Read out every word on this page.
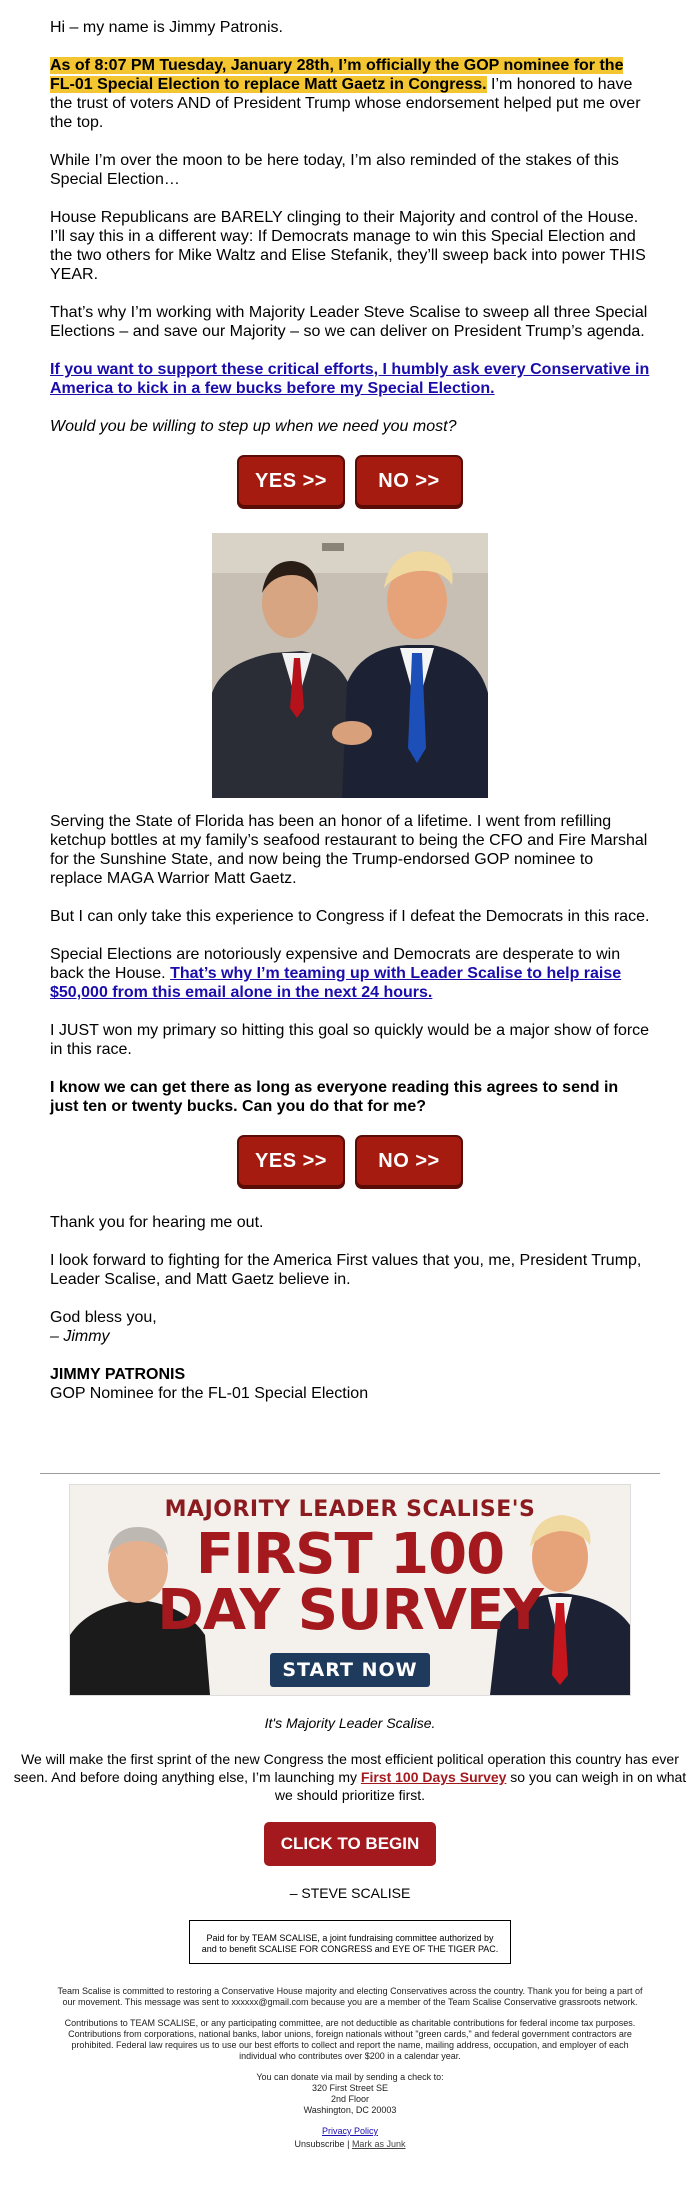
Hi – my name is Jimmy Patronis.

As of 8:07 PM Tuesday, January 28th, I’m officially the GOP nominee for the FL-01 Special Election to replace Matt Gaetz in Congress. I’m honored to have the trust of voters AND of President Trump whose endorsement helped put me over the top.

While I’m over the moon to be here today, I’m also reminded of the stakes of this Special Election…

House Republicans are BARELY clinging to their Majority and control of the House. I’ll say this in a different way: If Democrats manage to win this Special Election and the two others for Mike Waltz and Elise Stefanik, they’ll sweep back into power THIS YEAR.

That’s why I’m working with Majority Leader Steve Scalise to sweep all three Special Elections – and save our Majority – so we can deliver on President Trump’s agenda.

If you want to support these critical efforts, I humbly ask every Conservative in America to kick in a few bucks before my Special Election.

Would you be willing to step up when we need you most?

YES >>	NO >>

Serving the State of Florida has been an honor of a lifetime. I went from refilling ketchup bottles at my family’s seafood restaurant to being the CFO and Fire Marshal for the Sunshine State, and now being the Trump-endorsed GOP nominee to replace MAGA Warrior Matt Gaetz.

But I can only take this experience to Congress if I defeat the Democrats in this race.

Special Elections are notoriously expensive and Democrats are desperate to win back the House. That’s why I’m teaming up with Leader Scalise to help raise $50,000 from this email alone in the next 24 hours.

I JUST won my primary so hitting this goal so quickly would be a major show of force in this race.

I know we can get there as long as everyone reading this agrees to send in just ten or twenty bucks. Can you do that for me?

YES >>	NO >>

Thank you for hearing me out.

I look forward to fighting for the America First values that you, me, President Trump, Leader Scalise, and Matt Gaetz believe in.

God bless you,
– Jimmy

JIMMY PATRONIS

GOP Nominee for the FL-01 Special Election

MAJORITY LEADER SCALISE'S
FIRST 100
DAY SURVEY
START NOW

It's Majority Leader Scalise.

We will make the first sprint of the new Congress the most efficient political operation this country has ever seen. And before doing anything else, I’m launching my First 100 Days Survey so you can weigh in on what we should prioritize first.

CLICK TO BEGIN

– STEVE SCALISE

Paid for by TEAM SCALISE, a joint fundraising committee authorized by and to benefit SCALISE FOR CONGRESS and EYE OF THE TIGER PAC.

Team Scalise is committed to restoring a Conservative House majority and electing Conservatives across the country. Thank you for being a part of our movement. This message was sent to xxxxxx@gmail.com because you are a member of the Team Scalise Conservative grassroots network.

Contributions to TEAM SCALISE, or any participating committee, are not deductible as charitable contributions for federal income tax purposes. Contributions from corporations, national banks, labor unions, foreign nationals without "green cards," and federal government contractors are prohibited. Federal law requires us to use our best efforts to collect and report the name, mailing address, occupation, and employer of each individual who contributes over $200 in a calendar year.

You can donate via mail by sending a check to:
320 First Street SE
2nd Floor
Washington, DC 20003

Privacy Policy

Unsubscribe | Mark as Junk
